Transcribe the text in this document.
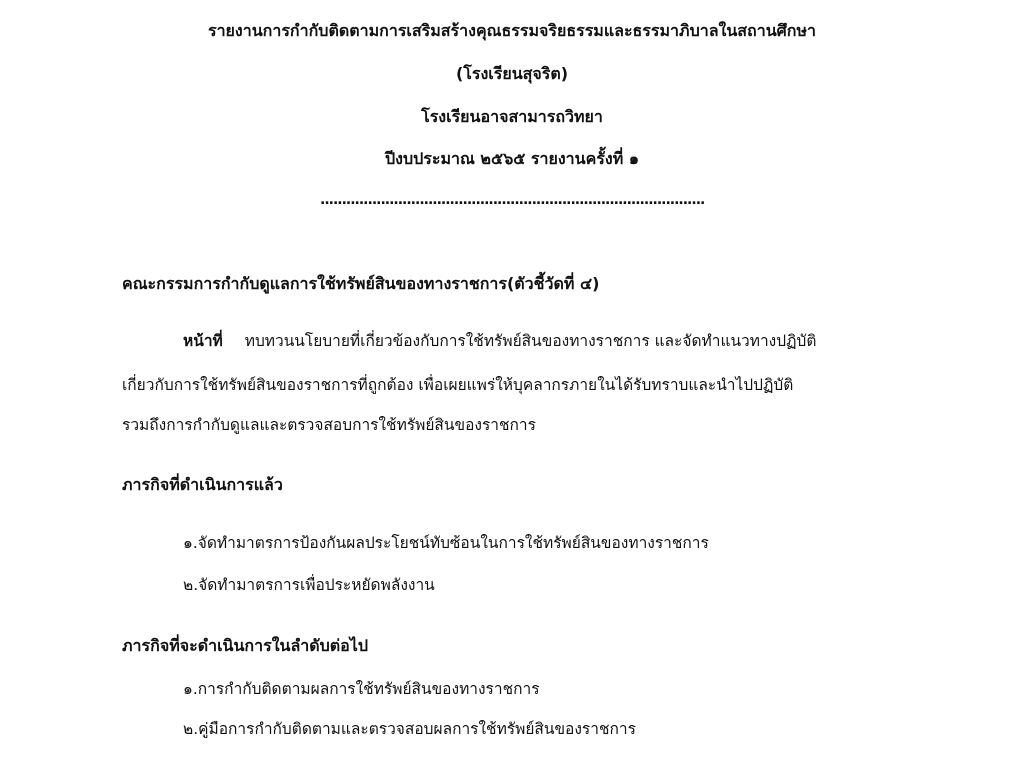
รายงานการกำกับติดตามการเสริมสร้างคุณธรรมจริยธรรมและธรรมาภิบาลในสถานศึกษา
(โรงเรียนสุจริต)
โรงเรียนอาจสามารถวิทยา
ปีงบประมาณ ๒๕๖๕ รายงานครั้งที่ ๑
.........................................................................................
คณะกรรมการกำกับดูแลการใช้ทรัพย์สินของทางราชการ(ตัวชี้วัดที่ ๔)
หน้าที่ ทบทวนนโยบายที่เกี่ยวข้องกับการใช้ทรัพย์สินของทางราชการ และจัดทำแนวทางปฏิบัติ
เกี่ยวกับการใช้ทรัพย์สินของราชการที่ถูกต้อง เพื่อเผยแพร่ให้บุคลากรภายในได้รับทราบและนำไปปฏิบัติ
รวมถึงการกำกับดูแลและตรวจสอบการใช้ทรัพย์สินของราชการ
ภารกิจที่ดำเนินการแล้ว
๑.จัดทำมาตรการป้องกันผลประโยชน์ทับซ้อนในการใช้ทรัพย์สินของทางราชการ
๒.จัดทำมาตรการเพื่อประหยัดพลังงาน
ภารกิจที่จะดำเนินการในลำดับต่อไป
๑.การกำกับติดตามผลการใช้ทรัพย์สินของทางราชการ
๒.คู่มือการกำกับติดตามและตรวจสอบผลการใช้ทรัพย์สินของราชการ
